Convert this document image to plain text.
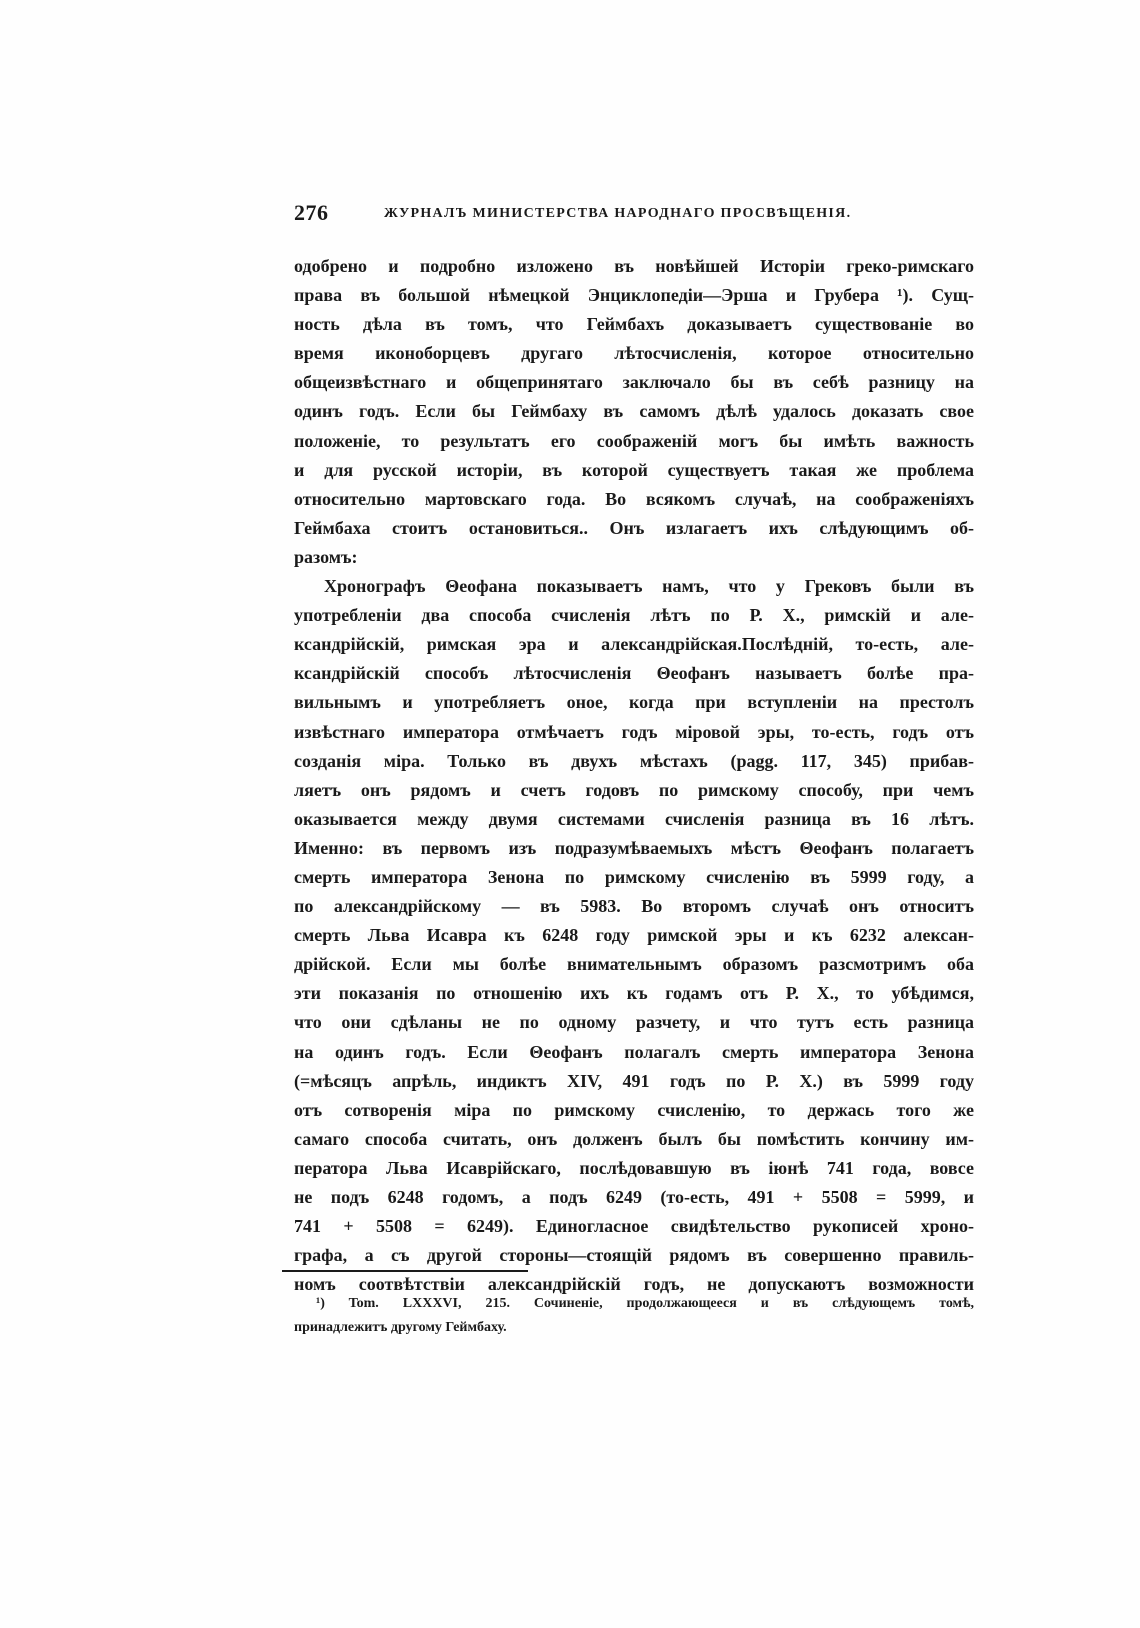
276	ЖУРНАЛЪ МИНИСТЕРСТВА НАРОДНАГО ПРОСВѢЩЕНІЯ.
одобрено и подробно изложено въ новѣйшей Исторіи греко-римскаго
права въ большой нѣмецкой Энциклопедіи—Эрша и Грубера ¹). Сущ-
ность дѣла въ томъ, что Геймбахъ доказываетъ существованіе во
время иконоборцевъ другаго лѣтосчисленія, которое относительно
общеизвѣстнаго и общепринятаго заключало бы въ себѣ разницу на
одинъ годъ. Если бы Геймбаху въ самомъ дѣлѣ удалось доказать свое
положеніе, то результатъ его соображеній могъ бы имѣть важность
и для русской исторіи, въ которой существуетъ такая же проблема
относительно мартовскаго года. Во всякомъ случаѣ, на соображеніяхъ
Геймбаха стоитъ остановиться.. Онъ излагаетъ ихъ слѣдующимъ об-
разомъ:
Хронографъ Θеофана показываетъ намъ, что у Грековъ были въ
употребленіи два способа счисленія лѣтъ по Р. Х., римскій и але-
ксандрійскій, римская эра и александрійская.Послѣдній, то-есть, але-
ксандрійскій способъ лѣтосчисленія Θеофанъ называетъ болѣе пра-
вильнымъ и употребляетъ оное, когда при вступленіи на престолъ
извѣстнаго императора отмѣчаетъ годъ міровой эры, то-есть, годъ отъ
созданія міра. Только въ двухъ мѣстахъ (pagg. 117, 345) прибав-
ляетъ онъ рядомъ и счетъ годовъ по римскому способу, при чемъ
оказывается между двумя системами счисленія разница въ 16 лѣтъ.
Именно: въ первомъ изъ подразумѣваемыхъ мѣстъ Θеофанъ полагаетъ
смерть императора Зенона по римскому счисленію въ 5999 году, а
по александрійскому — въ 5983. Во второмъ случаѣ онъ относитъ
смерть Льва Исавра къ 6248 году римской эры и къ 6232 алексан-
дрійской. Если мы болѣе внимательнымъ образомъ разсмотримъ оба
эти показанія по отношенію ихъ къ годамъ отъ Р. Х., то убѣдимся,
что они сдѣланы не по одному разчету, и что тутъ есть разница
на одинъ годъ. Если Θеофанъ полагалъ смерть императора Зенона
(=мѣсяцъ апрѣль, индиктъ XIV, 491 годъ по Р. Х.) въ 5999 году
отъ сотворенія міра по римскому счисленію, то держась того же
самаго способа считать, онъ долженъ былъ бы помѣстить кончину им-
ператора Льва Исаврійскаго, послѣдовавшую въ іюнѣ 741 года, вовсе
не подъ 6248 годомъ, а подъ 6249 (то-есть, 491 + 5508 = 5999, и
741 + 5508 = 6249). Единогласное свидѣтельство рукописей хроно-
графа, а съ другой стороны—стоящій рядомъ въ совершенно правиль-
номъ соотвѣтствіи александрійскій годъ, не допускаютъ возможности
¹) Tom. LXXXVI, 215. Сочиненіе, продолжающееся и въ слѣдующемъ томѣ,
принадлежитъ другому Геймбаху.
